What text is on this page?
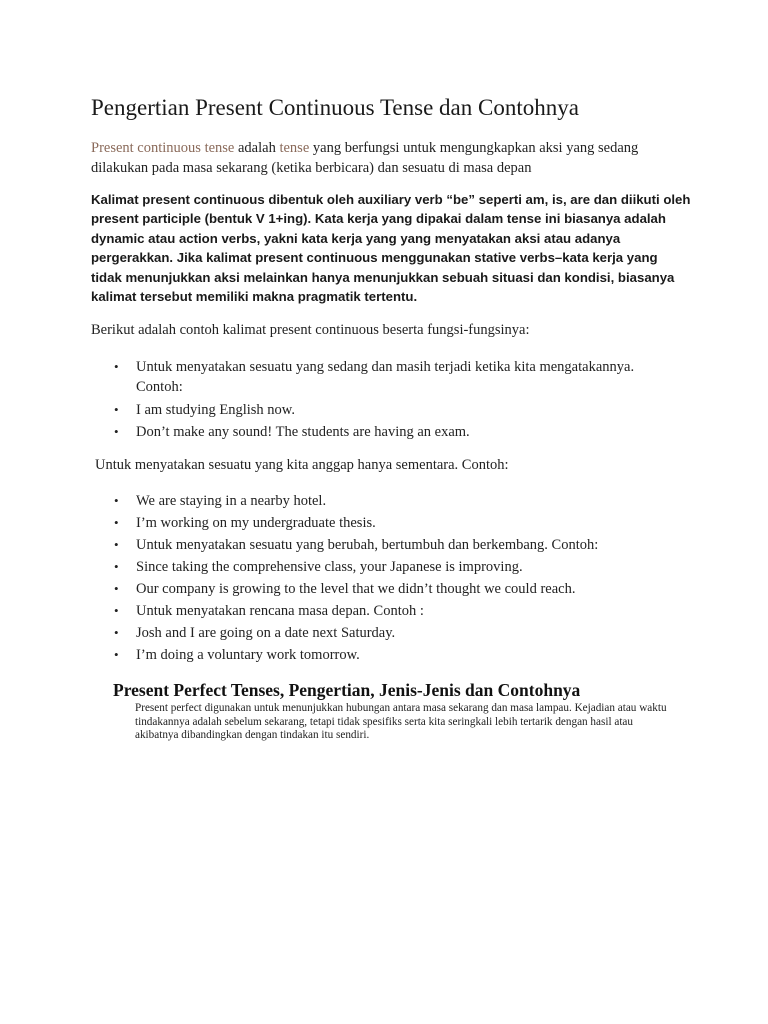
Pengertian Present Continuous Tense dan Contohnya

Present continuous tense adalah tense yang berfungsi untuk mengungkapkan aksi yang sedang dilakukan pada masa sekarang (ketika berbicara) dan sesuatu di masa depan

Kalimat present continuous dibentuk oleh auxiliary verb “be” seperti am, is, are dan diikuti oleh present participle (bentuk V 1+ing). Kata kerja yang dipakai dalam tense ini biasanya adalah dynamic atau action verbs, yakni kata kerja yang yang menyatakan aksi atau adanya pergerakkan. Jika kalimat present continuous menggunakan stative verbs–kata kerja yang tidak menunjukkan aksi melainkan hanya menunjukkan sebuah situasi dan kondisi, biasanya kalimat tersebut memiliki makna pragmatik tertentu.

Berikut adalah contoh kalimat present continuous beserta fungsi-fungsinya:

• Untuk menyatakan sesuatu yang sedang dan masih terjadi ketika kita mengatakannya. Contoh:
• I am studying English now.
• Don’t make any sound! The students are having an exam.

Untuk menyatakan sesuatu yang kita anggap hanya sementara. Contoh:

• We are staying in a nearby hotel.
• I’m working on my undergraduate thesis.
• Untuk menyatakan sesuatu yang berubah, bertumbuh dan berkembang. Contoh:
• Since taking the comprehensive class, your Japanese is improving.
• Our company is growing to the level that we didn’t thought we could reach.
• Untuk menyatakan rencana masa depan. Contoh :
• Josh and I are going on a date next Saturday.
• I’m doing a voluntary work tomorrow.
Present Perfect Tenses, Pengertian, Jenis-Jenis dan Contohnya

Present perfect digunakan untuk menunjukkan hubungan antara masa sekarang dan masa lampau. Kejadian atau waktu tindakannya adalah sebelum sekarang, tetapi tidak spesifiks serta kita seringkali lebih tertarik dengan hasil atau akibatnya dibandingkan dengan tindakan itu sendiri.
